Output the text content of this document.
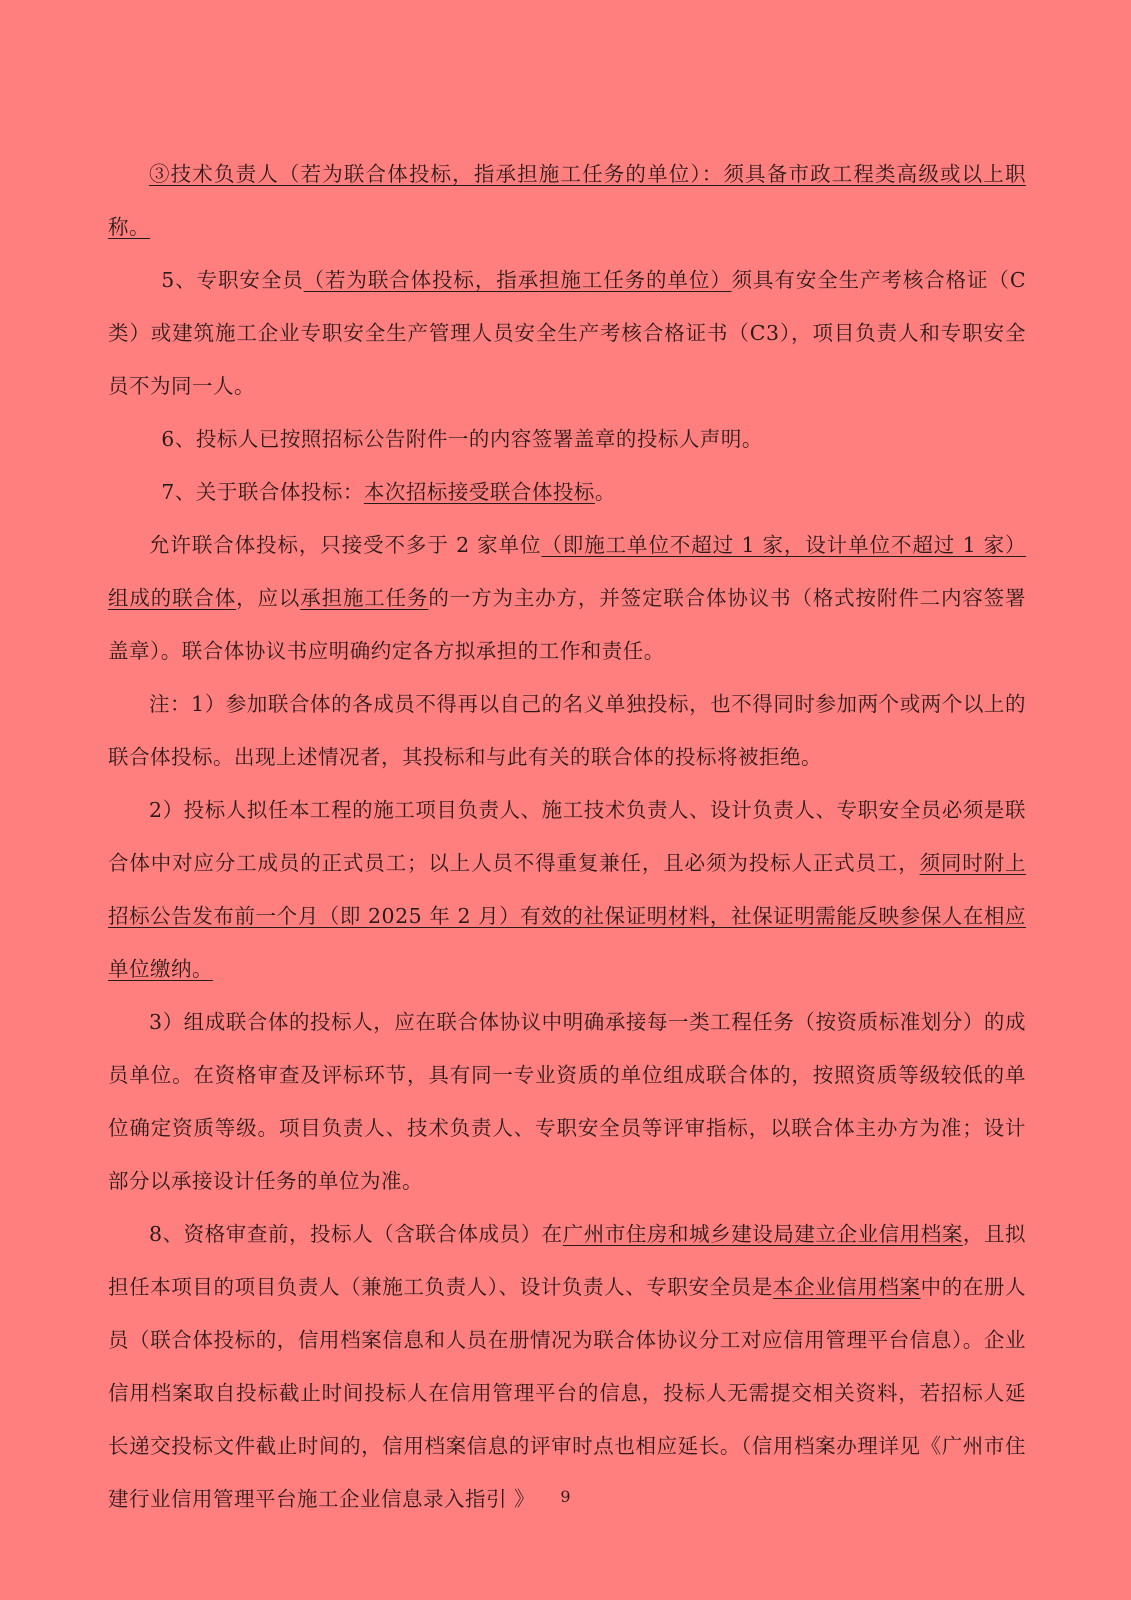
③技术负责人（若为联合体投标，指承担施工任务的单位）：须具备市政工程类高级或以上职称。

5、专职安全员（若为联合体投标，指承担施工任务的单位）须具有安全生产考核合格证（C 类）或建筑施工企业专职安全生产管理人员安全生产考核合格证书（C3），项目负责人和专职安全员不为同一人。

6、投标人已按照招标公告附件一的内容签署盖章的投标人声明。

7、关于联合体投标：本次招标接受联合体投标。

允许联合体投标，只接受不多于 2 家单位（即施工单位不超过 1 家，设计单位不超过 1 家）组成的联合体，应以承担施工任务的一方为主办方，并签定联合体协议书（格式按附件二内容签署盖章）。联合体协议书应明确约定各方拟承担的工作和责任。

注：1）参加联合体的各成员不得再以自己的名义单独投标，也不得同时参加两个或两个以上的联合体投标。出现上述情况者，其投标和与此有关的联合体的投标将被拒绝。

2）投标人拟任本工程的施工项目负责人、施工技术负责人、设计负责人、专职安全员必须是联合体中对应分工成员的正式员工；以上人员不得重复兼任，且必须为投标人正式员工，须同时附上招标公告发布前一个月（即 2025 年 2 月）有效的社保证明材料，社保证明需能反映参保人在相应单位缴纳。

3）组成联合体的投标人，应在联合体协议中明确承接每一类工程任务（按资质标准划分）的成员单位。在资格审查及评标环节，具有同一专业资质的单位组成联合体的，按照资质等级较低的单位确定资质等级。项目负责人、技术负责人、专职安全员等评审指标，以联合体主办方为准；设计部分以承接设计任务的单位为准。

8、资格审查前，投标人（含联合体成员）在广州市住房和城乡建设局建立企业信用档案，且拟担任本项目的项目负责人（兼施工负责人）、设计负责人、专职安全员是本企业信用档案中的在册人员（联合体投标的，信用档案信息和人员在册情况为联合体协议分工对应信用管理平台信息）。企业信用档案取自投标截止时间投标人在信用管理平台的信息，投标人无需提交相关资料，若招标人延长递交投标文件截止时间的，信用档案信息的评审时点也相应延长。（信用档案办理详见《广州市住建行业信用管理平台施工企业信息录入指引 》	9
